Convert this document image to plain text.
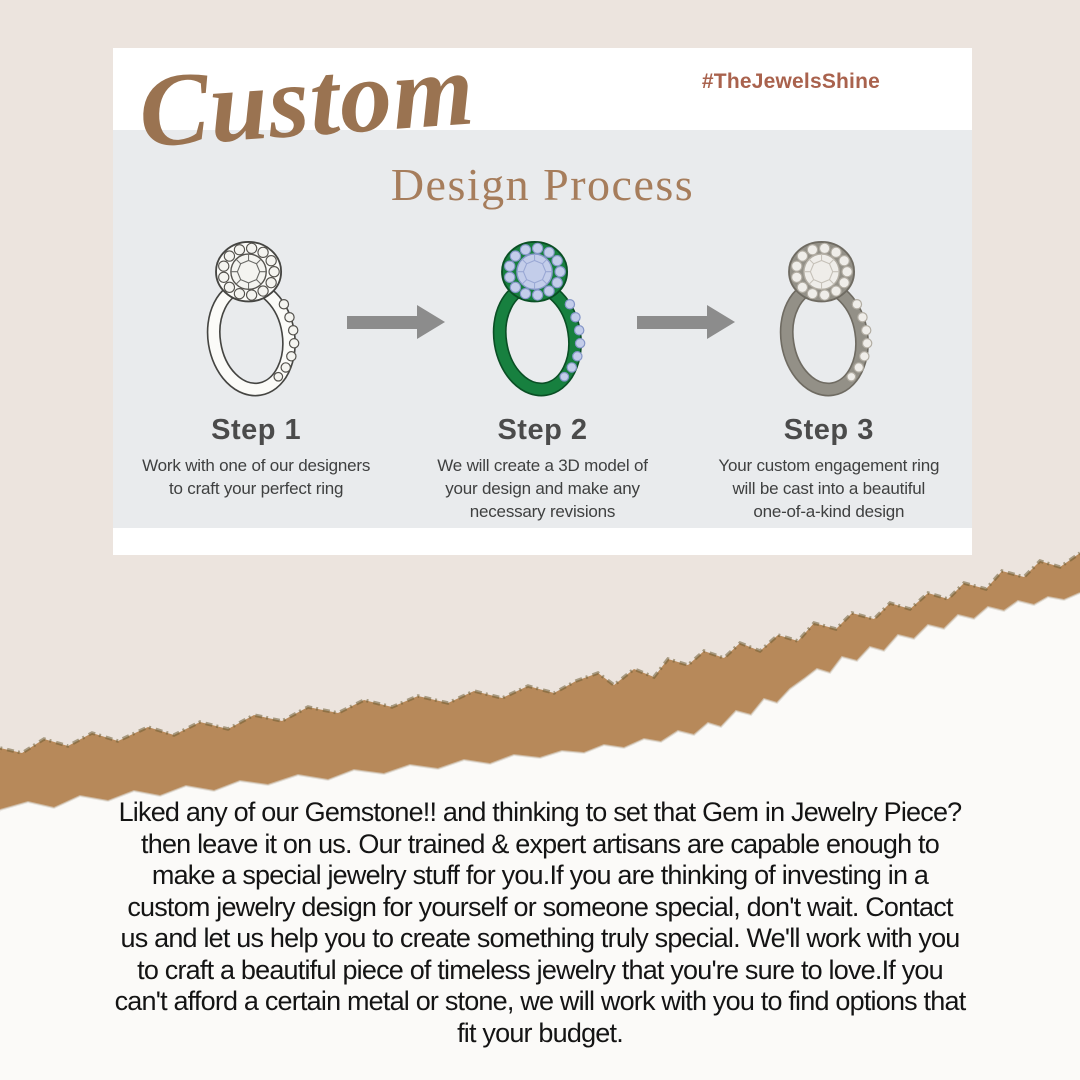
#TheJewelsShine
Custom
Design Process
Step 1
Work with one of our designers
to craft your perfect ring
Step 2
We will create a 3D model of
your design and make any
necessary revisions
Step 3
Your custom engagement ring
will be cast into a beautiful
one-of-a-kind design
Liked any of our Gemstone!! and thinking to set that Gem in Jewelry Piece? then leave it on us. Our trained & expert artisans are capable enough to make a special jewelry stuff for you.If you are thinking of investing in a custom jewelry design for yourself or someone special, don't wait. Contact us and let us help you to create something truly special. We'll work with you to craft a beautiful piece of timeless jewelry that you're sure to love.If you can't afford a certain metal or stone, we will work with you to find options that fit your budget.
